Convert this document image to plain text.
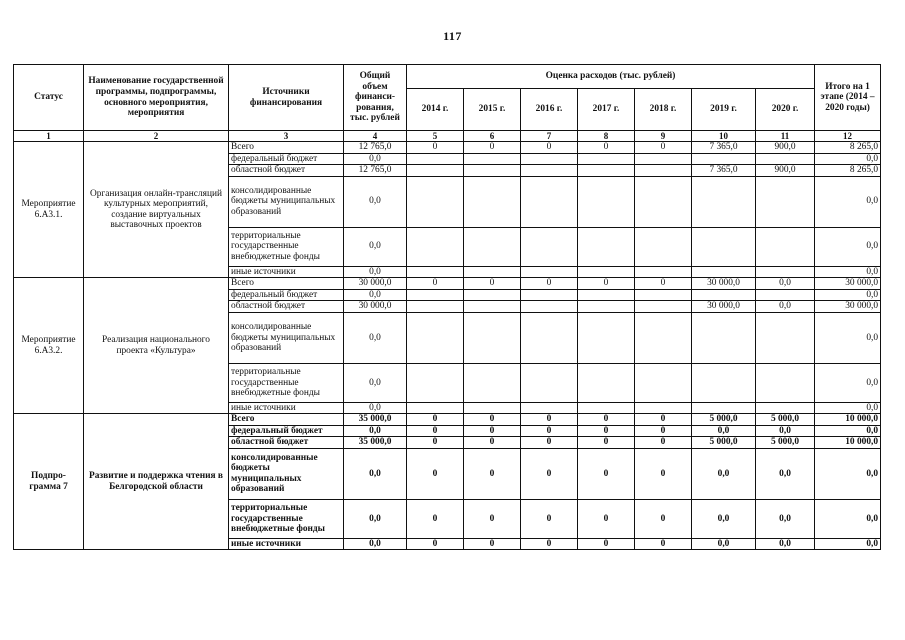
117
Статус	Наименование государственной программы, подпрограммы, основного мероприятия, мероприятия	Источники финансирования	Общий объем финанси-рования, тыс. рублей	Оценка расходов (тыс. рублей)							Итого на 1 этапе (2014 – 2020 годы)
				2014 г.	2015 г.	2016 г.	2017 г.	2018 г.	2019 г.	2020 г.	
1	2	3	4	5	6	7	8	9	10	11	12
Мероприятие 6.А3.1.	Организация онлайн-трансляций культурных мероприятий, создание виртуальных выставочных проектов	Всего	12 765,0	0	0	0	0	0	7 365,0	900,0	8 265,0
		федеральный бюджет	0,0								0,0
		областной бюджет	12 765,0						7 365,0	900,0	8 265,0
		консолидированные бюджеты муниципальных образований	0,0								0,0
		территориальные государственные внебюджетные фонды	0,0								0,0
		иные источники	0,0								0,0
Мероприятие 6.А3.2.	Реализация национального проекта «Культура»	Всего	30 000,0	0	0	0	0	0	30 000,0	0,0	30 000,0
		федеральный бюджет	0,0								0,0
		областной бюджет	30 000,0						30 000,0	0,0	30 000,0
		консолидированные бюджеты муниципальных образований	0,0								0,0
		территориальные государственные внебюджетные фонды	0,0								0,0
		иные источники	0,0								0,0
Подпро-грамма 7	Развитие и поддержка чтения в Белгородской области	Всего	35 000,0	0	0	0	0	0	5 000,0	5 000,0	10 000,0
		федеральный бюджет	0,0	0	0	0	0	0	0,0	0,0	0,0
		областной бюджет	35 000,0	0	0	0	0	0	5 000,0	5 000,0	10 000,0
		консолидированные бюджеты муниципальных образований	0,0	0	0	0	0	0	0,0	0,0	0,0
		территориальные государственные внебюджетные фонды	0,0	0	0	0	0	0	0,0	0,0	0,0
		иные источники	0,0	0	0	0	0	0	0,0	0,0	0,0
